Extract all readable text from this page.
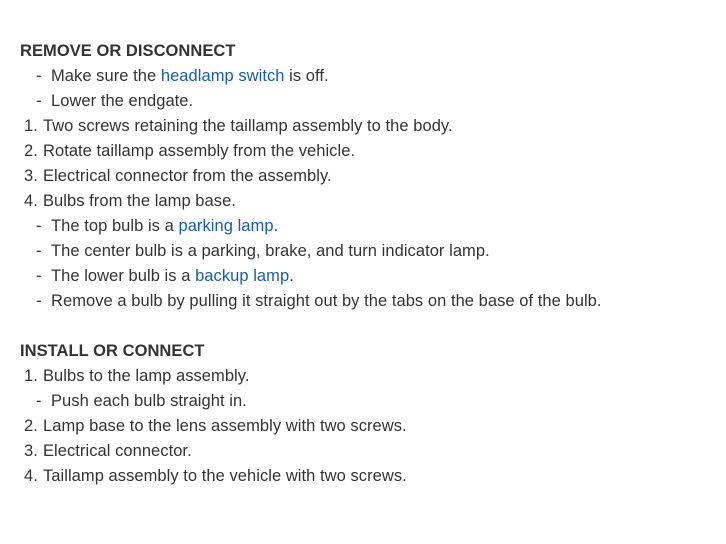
REMOVE OR DISCONNECT
- Make sure the headlamp switch is off.
- Lower the endgate.
1. Two screws retaining the taillamp assembly to the body.
2. Rotate taillamp assembly from the vehicle.
3. Electrical connector from the assembly.
4. Bulbs from the lamp base.
- The top bulb is a parking lamp.
- The center bulb is a parking, brake, and turn indicator lamp.
- The lower bulb is a backup lamp.
- Remove a bulb by pulling it straight out by the tabs on the base of the bulb.
INSTALL OR CONNECT
1. Bulbs to the lamp assembly.
- Push each bulb straight in.
2. Lamp base to the lens assembly with two screws.
3. Electrical connector.
4. Taillamp assembly to the vehicle with two screws.
